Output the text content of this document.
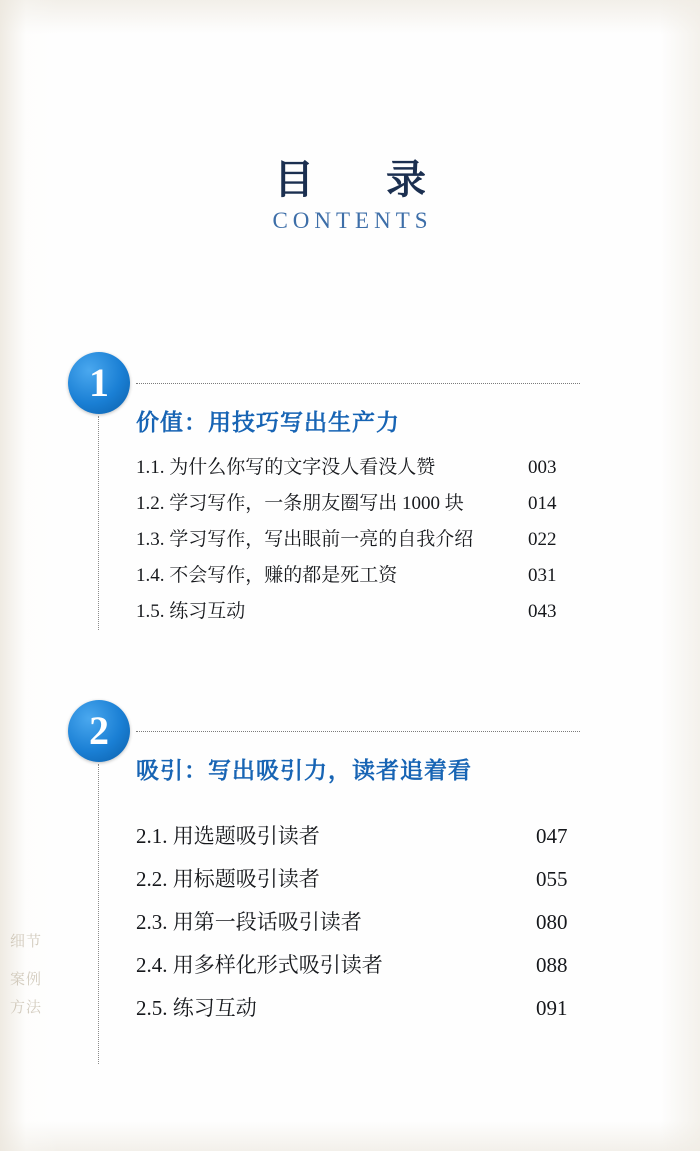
目　录
CONTENTS
1
价值：用技巧写出生产力
1.1. 为什么你写的文字没人看没人赞	003
1.2. 学习写作，一条朋友圈写出 1000 块	014
1.3. 学习写作，写出眼前一亮的自我介绍	022
1.4. 不会写作，赚的都是死工资	031
1.5. 练习互动	043
2
吸引：写出吸引力，读者追着看
2.1. 用选题吸引读者	047
2.2. 用标题吸引读者	055
2.3. 用第一段话吸引读者	080
2.4. 用多样化形式吸引读者	088
2.5. 练习互动	091
细节
案例
方法
